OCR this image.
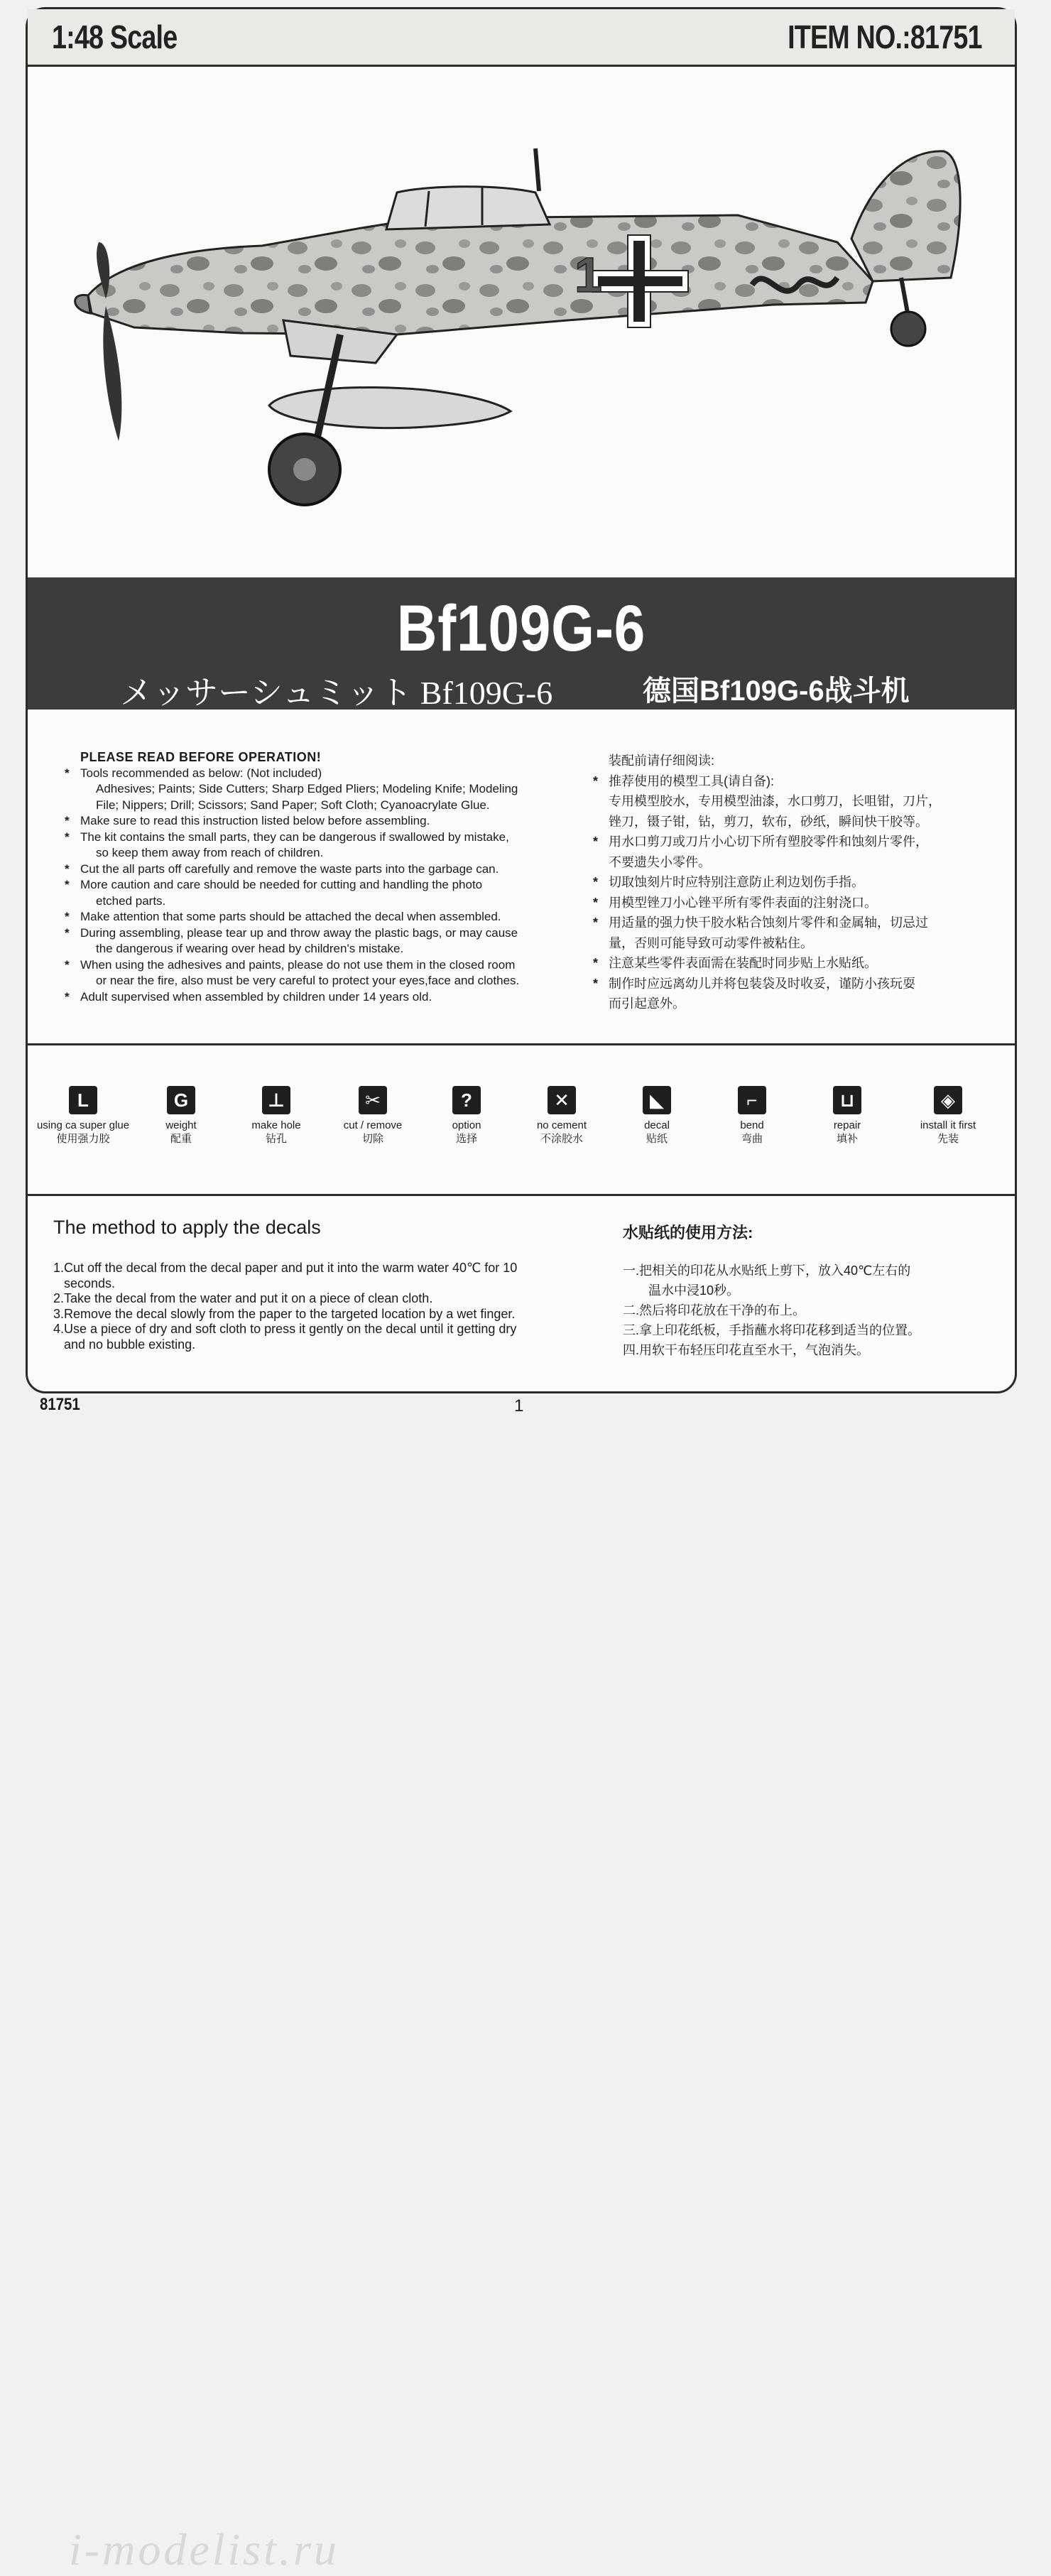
1:48 Scale	ITEM NO.:81751
1
Bf109G-6
メッサーシュミット Bf109G-6	德国Bf109G-6战斗机
PLEASE READ BEFORE OPERATION!
* Tools recommended as below: (Not included)
Adhesives; Paints; Side Cutters; Sharp Edged Pliers; Modeling Knife; Modeling
File; Nippers; Drill; Scissors; Sand Paper; Soft Cloth; Cyanoacrylate Glue.
* Make sure to read this instruction listed below before assembling.
* The kit contains the small parts, they can be dangerous if swallowed by mistake,
so keep them away from reach of children.
* Cut the all parts off carefully and remove the waste parts into the garbage can.
* More caution and care should be needed for cutting and handling the photo
etched parts.
* Make attention that some parts should be attached the decal when assembled.
* During assembling, please tear up and throw away the plastic bags, or may cause
the dangerous if wearing over head by children's mistake.
* When using the adhesives and paints, please do not use them in the closed room
or near the fire, also must be very careful to protect your eyes,face and clothes.
* Adult supervised when assembled by children under 14 years old.
装配前请仔细阅读:
* 推荐使用的模型工具(请自备):
专用模型胶水，专用模型油漆，水口剪刀，长咀钳，刀片，
锉刀，镊子钳，钻，剪刀，软布，砂纸，瞬间快干胶等。
* 用水口剪刀或刀片小心切下所有塑胶零件和蚀刻片零件，
不要遗失小零件。
* 切取蚀刻片时应特别注意防止利边划伤手指。
* 用模型锉刀小心锉平所有零件表面的注射浇口。
* 用适量的强力快干胶水粘合蚀刻片零件和金属轴，切忌过
量，否则可能导致可动零件被粘住。
* 注意某些零件表面需在装配时同步贴上水贴纸。
* 制作时应远离幼儿并将包装袋及时收妥，谨防小孩玩耍
而引起意外。
L
using ca super glue
使用强力胶
G
weight
配重
⊥
make hole
钻孔
✂
cut / remove
切除
?
option
选择
✕
no cement
不涂胶水
◣
decal
贴纸
⌐
bend
弯曲
⊔
repair
填补
◈
install it first
先装
The method to apply the decals
1.Cut off the decal from the decal paper and put it into the warm water 40℃ for 10
seconds.
2.Take the decal from the water and put it on a piece of clean cloth.
3.Remove the decal slowly from the paper to the targeted location by a wet finger.
4.Use a piece of dry and soft cloth to press it gently on the decal until it getting dry
and no bubble existing.
水贴纸的使用方法:
一.把相关的印花从水贴纸上剪下，放入40℃左右的
温水中浸10秒。
二.然后将印花放在干净的布上。
三.拿上印花纸板，手指蘸水将印花移到适当的位置。
四.用软干布轻压印花直至水干，气泡消失。
i-modelist.ru
81751	1
